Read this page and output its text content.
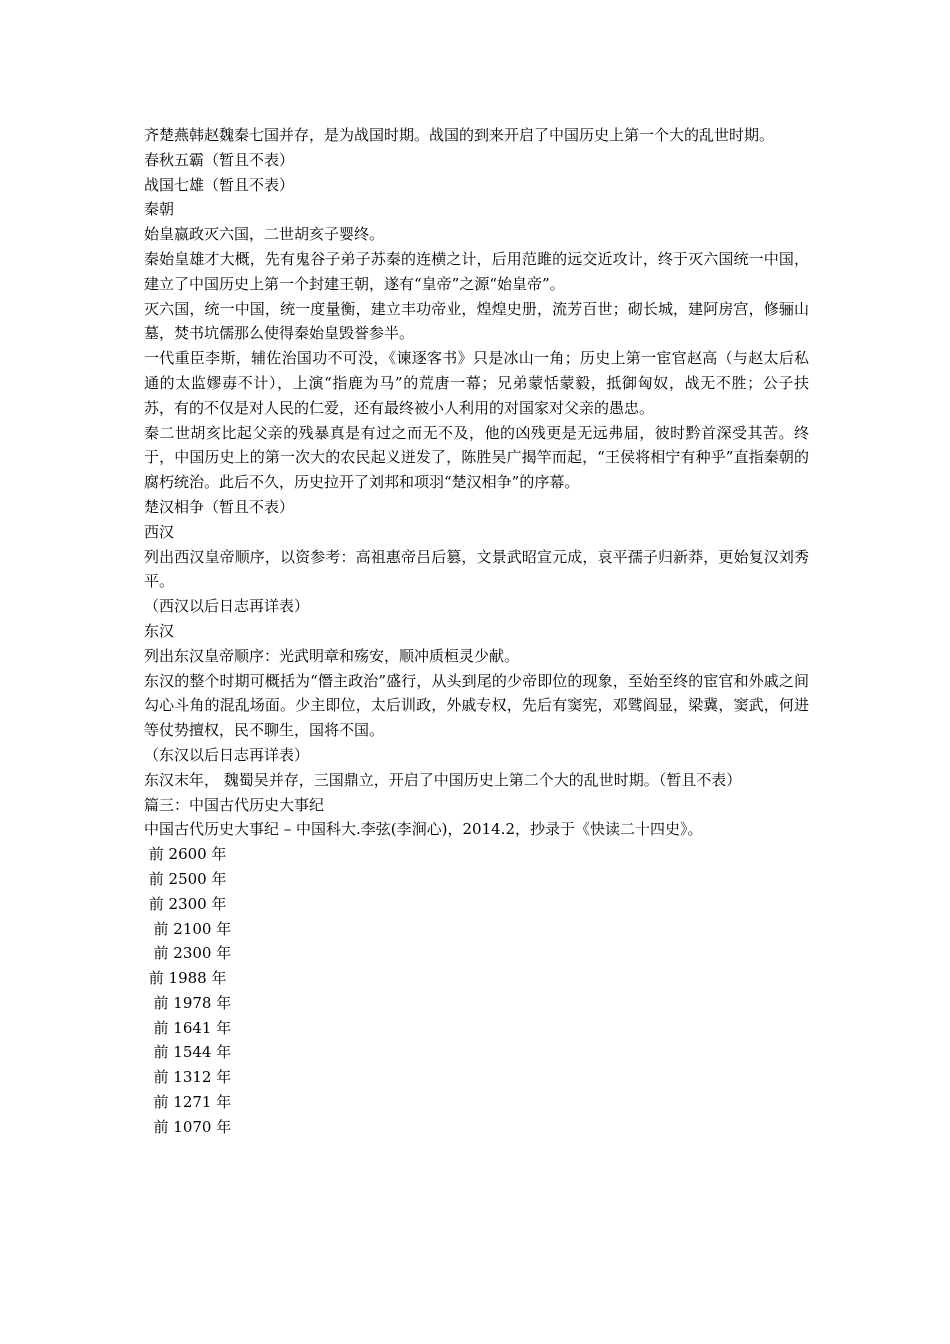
齐楚燕韩赵魏秦七国并存，是为战国时期。战国的到来开启了中国历史上第一个大的乱世时期。

春秋五霸（暂且不表）

战国七雄（暂且不表）

秦朝

始皇嬴政灭六国，二世胡亥子婴终。

秦始皇雄才大概，先有鬼谷子弟子苏秦的连横之计，后用范雎的远交近攻计，终于灭六国统一中国，建立了中国历史上第一个封建王朝，遂有“皇帝”之源“始皇帝”。

灭六国，统一中国，统一度量衡，建立丰功帝业，煌煌史册，流芳百世；砌长城，建阿房宫，修骊山墓，焚书坑儒那么使得秦始皇毁誉参半。

一代重臣李斯，辅佐治国功不可没，《谏逐客书》只是冰山一角；历史上第一宦官赵高（与赵太后私通的太监嫪毐不计），上演“指鹿为马”的荒唐一幕；兄弟蒙恬蒙毅，抵御匈奴，战无不胜；公子扶苏，有的不仅是对人民的仁爱，还有最终被小人利用的对国家对父亲的愚忠。

秦二世胡亥比起父亲的残暴真是有过之而无不及，他的凶残更是无远弗届，彼时黔首深受其苦。终于，中国历史上的第一次大的农民起义迸发了，陈胜吴广揭竿而起，“王侯将相宁有种乎”直指秦朝的腐朽统治。此后不久，历史拉开了刘邦和项羽“楚汉相争”的序幕。

楚汉相争（暂且不表）

西汉

列出西汉皇帝顺序，以资参考：高祖惠帝吕后篡，文景武昭宣元成，哀平孺子归新莽，更始复汉刘秀平。

（西汉以后日志再详表）

东汉

列出东汉皇帝顺序：光武明章和殇安，顺冲质桓灵少献。

东汉的整个时期可概括为“僭主政治”盛行，从头到尾的少帝即位的现象，至始至终的宦官和外戚之间勾心斗角的混乱场面。少主即位，太后训政，外戚专权，先后有窦宪，邓骘阎显，梁冀，窦武，何进等仗势擅权，民不聊生，国将不国。

（东汉以后日志再详表）

东汉末年， 魏蜀吴并存，三国鼎立，开启了中国历史上第二个大的乱世时期。（暂且不表）

篇三：中国古代历史大事纪

中国古代历史大事纪 – 中国科大.李弦(李涧心)，2014.2，抄录于《快读二十四史》。

前 2600 年

前 2500 年

前 2300 年

前 2100 年

前 2300 年

前 1988 年

前 1978 年

前 1641 年

前 1544 年

前 1312 年

前 1271 年

前 1070 年
